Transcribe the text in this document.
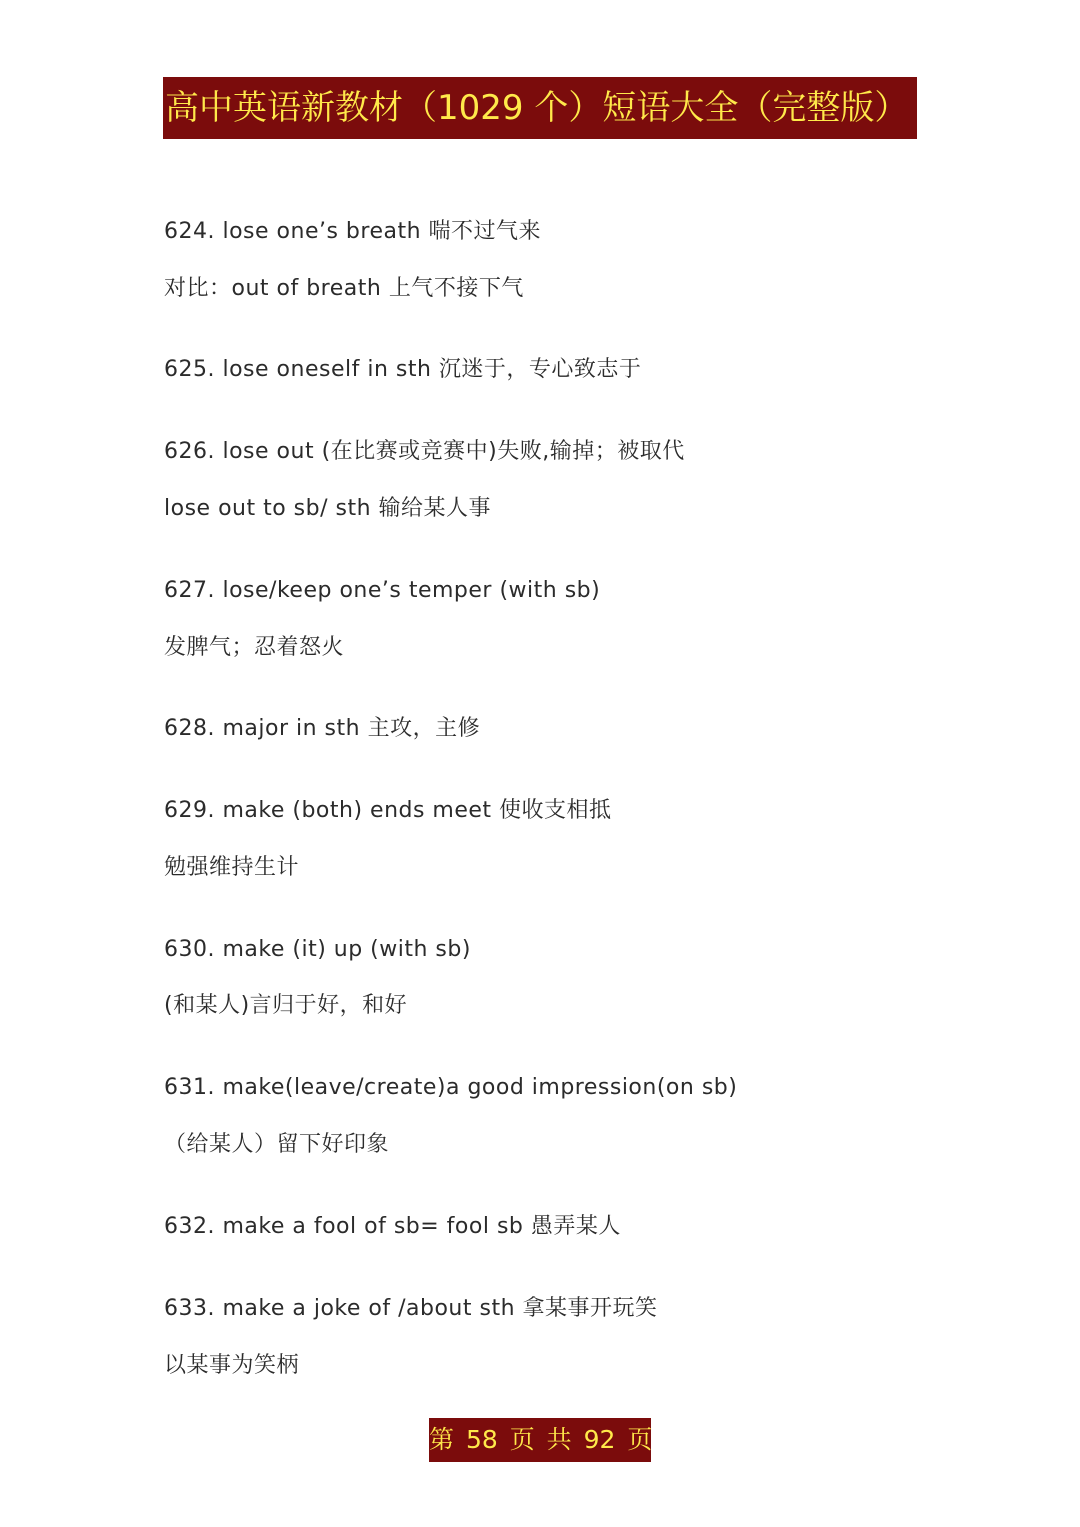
高中英语新教材（1029 个）短语大全（完整版）
624. lose one’s breath 喘不过气来
对比：out of breath 上气不接下气
625. lose oneself in sth 沉迷于，专心致志于
626. lose out (在比赛或竞赛中)失败,输掉；被取代
lose out to sb/ sth 输给某人事
627. lose/keep one’s temper (with sb)
发脾气；忍着怒火
628. major in sth 主攻，主修
629. make (both) ends meet 使收支相抵
勉强维持生计
630. make (it) up (with sb)
(和某人)言归于好，和好
631. make(leave/create)a good impression(on sb)
（给某人）留下好印象
632. make a fool of sb= fool sb 愚弄某人
633. make a joke of /about sth 拿某事开玩笑
以某事为笑柄
第 58 页 共 92 页
